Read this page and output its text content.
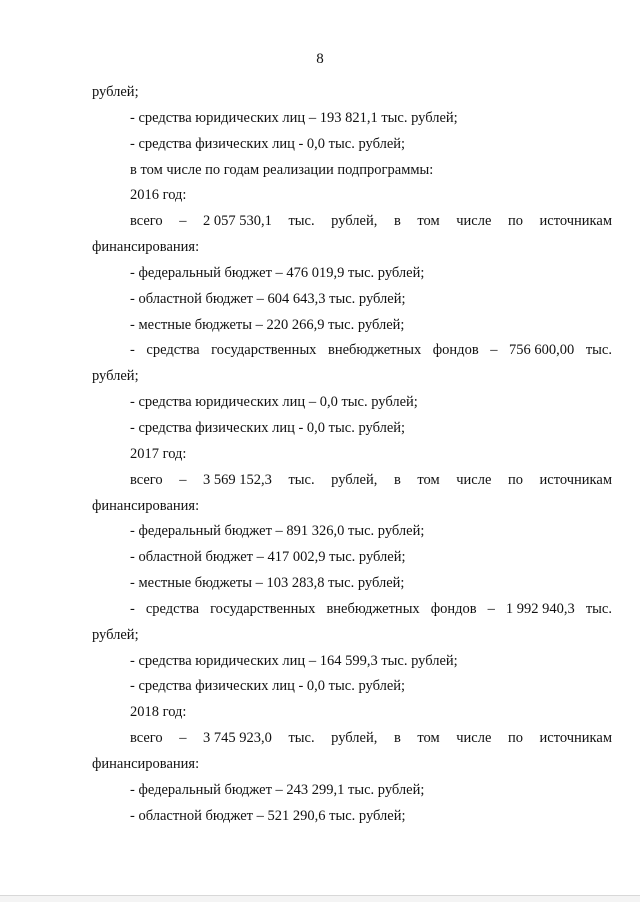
8
рублей;
- средства юридических лиц – 193 821,1 тыс. рублей;
- средства физических лиц - 0,0 тыс. рублей;
в том числе по годам реализации подпрограммы:
2016 год:
всего – 2 057 530,1 тыс. рублей, в том числе по источникам
финансирования:
- федеральный бюджет – 476 019,9 тыс. рублей;
- областной бюджет – 604 643,3 тыс. рублей;
- местные бюджеты – 220 266,9 тыс. рублей;
- средства государственных внебюджетных фондов – 756 600,00 тыс.
рублей;
- средства юридических лиц – 0,0 тыс. рублей;
- средства физических лиц - 0,0 тыс. рублей;
2017 год:
всего – 3 569 152,3 тыс. рублей, в том числе по источникам
финансирования:
- федеральный бюджет – 891 326,0 тыс. рублей;
- областной бюджет – 417 002,9 тыс. рублей;
- местные бюджеты – 103 283,8 тыс. рублей;
- средства государственных внебюджетных фондов – 1 992 940,3 тыс.
рублей;
- средства юридических лиц – 164 599,3 тыс. рублей;
- средства физических лиц - 0,0 тыс. рублей;
2018 год:
всего – 3 745 923,0 тыс. рублей, в том числе по источникам
финансирования:
- федеральный бюджет – 243 299,1 тыс. рублей;
- областной бюджет – 521 290,6 тыс. рублей;
